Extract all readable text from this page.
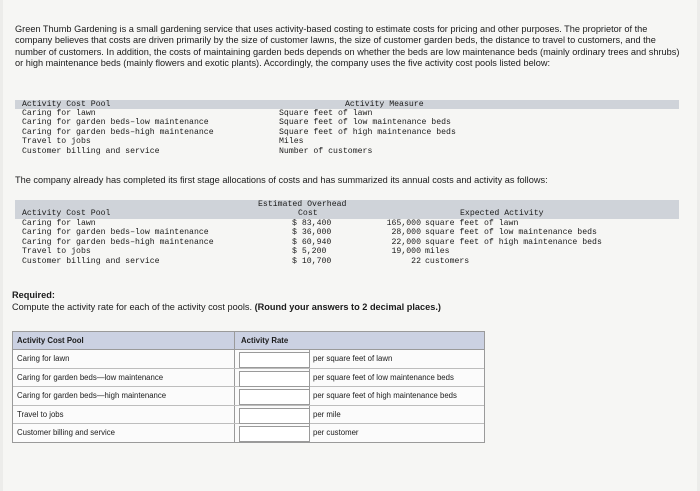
Green Thumb Gardening is a small gardening service that uses activity-based costing to estimate costs for pricing and other purposes. The proprietor of the company believes that costs are driven primarily by the size of customer lawns, the size of customer garden beds, the distance to travel to customers, and the number of customers. In addition, the costs of maintaining garden beds depends on whether the beds are low maintenance beds (mainly ordinary trees and shrubs) or high maintenance beds (mainly flowers and exotic plants). Accordingly, the company uses the five activity cost pools listed below:
Activity Cost Pool	Activity Measure
Caring for lawn	Square feet of lawn
Caring for garden beds–low maintenance	Square feet of low maintenance beds
Caring for garden beds–high maintenance	Square feet of high maintenance beds
Travel to jobs	Miles
Customer billing and service	Number of customers
The company already has completed its first stage allocations of costs and has summarized its annual costs and activity as follows:
Estimated Overhead
Cost
Activity Cost Pool	Expected Activity
Caring for lawn	$ 83,400	165,000 square feet of lawn
Caring for garden beds–low maintenance	$ 36,000	28,000 square feet of low maintenance beds
Caring for garden beds–high maintenance	$ 60,940	22,000 square feet of high maintenance beds
Travel to jobs	$ 5,200	19,000 miles
Customer billing and service	$ 10,700	22 customers
Required:
Compute the activity rate for each of the activity cost pools. (Round your answers to 2 decimal places.)
Activity Cost Pool	Activity Rate
Caring for lawn	per square feet of lawn
Caring for garden beds—low maintenance	per square feet of low maintenance beds
Caring for garden beds—high maintenance	per square feet of high maintenance beds
Travel to jobs	per mile
Customer billing and service	per customer
